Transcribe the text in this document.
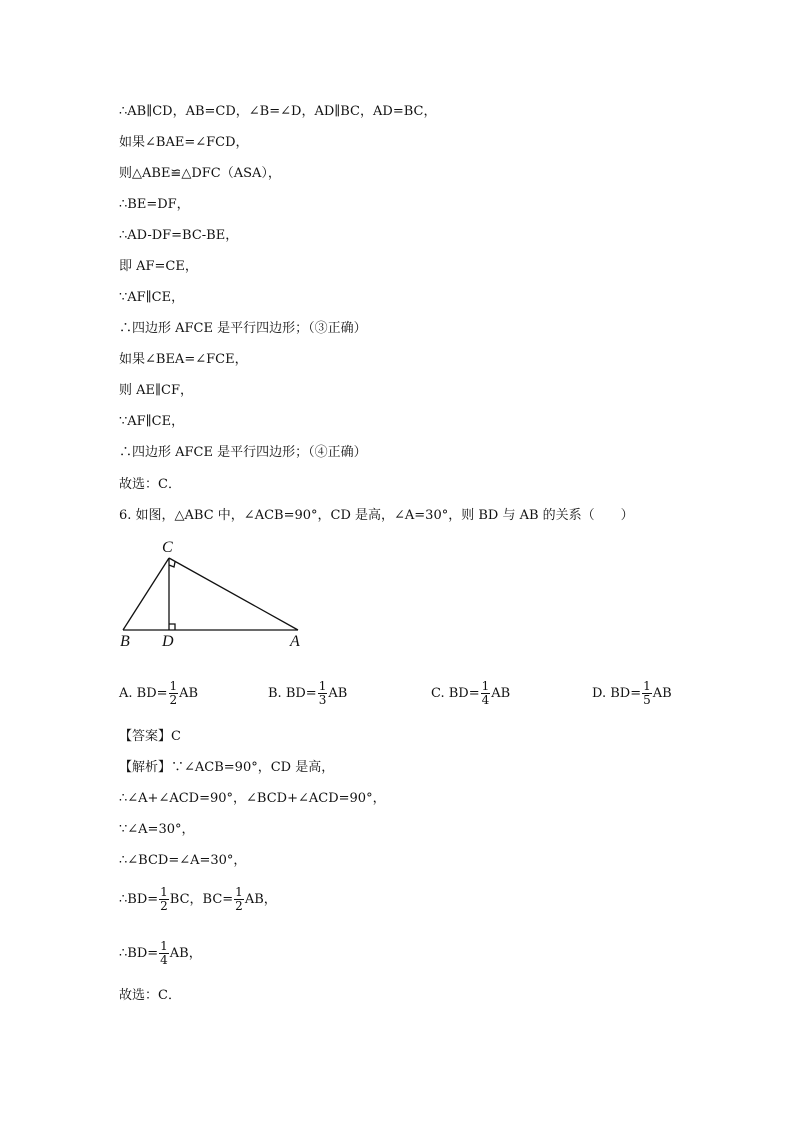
∴AB∥CD，AB=CD，∠B=∠D，AD∥BC，AD=BC，
如果∠BAE=∠FCD，
则△ABE≌△DFC（ASA），
∴BE=DF，
∴AD-DF=BC-BE，
即 AF=CE，
∵AF∥CE，
∴四边形 AFCE 是平行四边形；（③正确）
如果∠BEA=∠FCE，
则 AE∥CF，
∵AF∥CE，
∴四边形 AFCE 是平行四边形；（④正确）
故选：C．
6. 如图，△ABC 中，∠ACB=90°，CD 是高，∠A=30°，则 BD 与 AB 的关系（　　）
C
B D	A
A. $BD= \frac{1}{2}$ AB	B. $BD= \frac{1}{3}$ AB	C. $BD= \frac{1}{4}$ AB	D. $BD= \frac{1}{5}$ AB
【答案】C
【解析】∵∠ACB=90°，CD 是高，
∴∠A+∠ACD=90°，∠BCD+∠ACD=90°，
∵∠A=30°，
∴∠BCD=∠A=30°，
∴BD= $\frac{1}{2}$ BC，$BC= \frac{1}{2}$ AB，
∴BD= $\frac{1}{4}$ AB，
故选：C．
